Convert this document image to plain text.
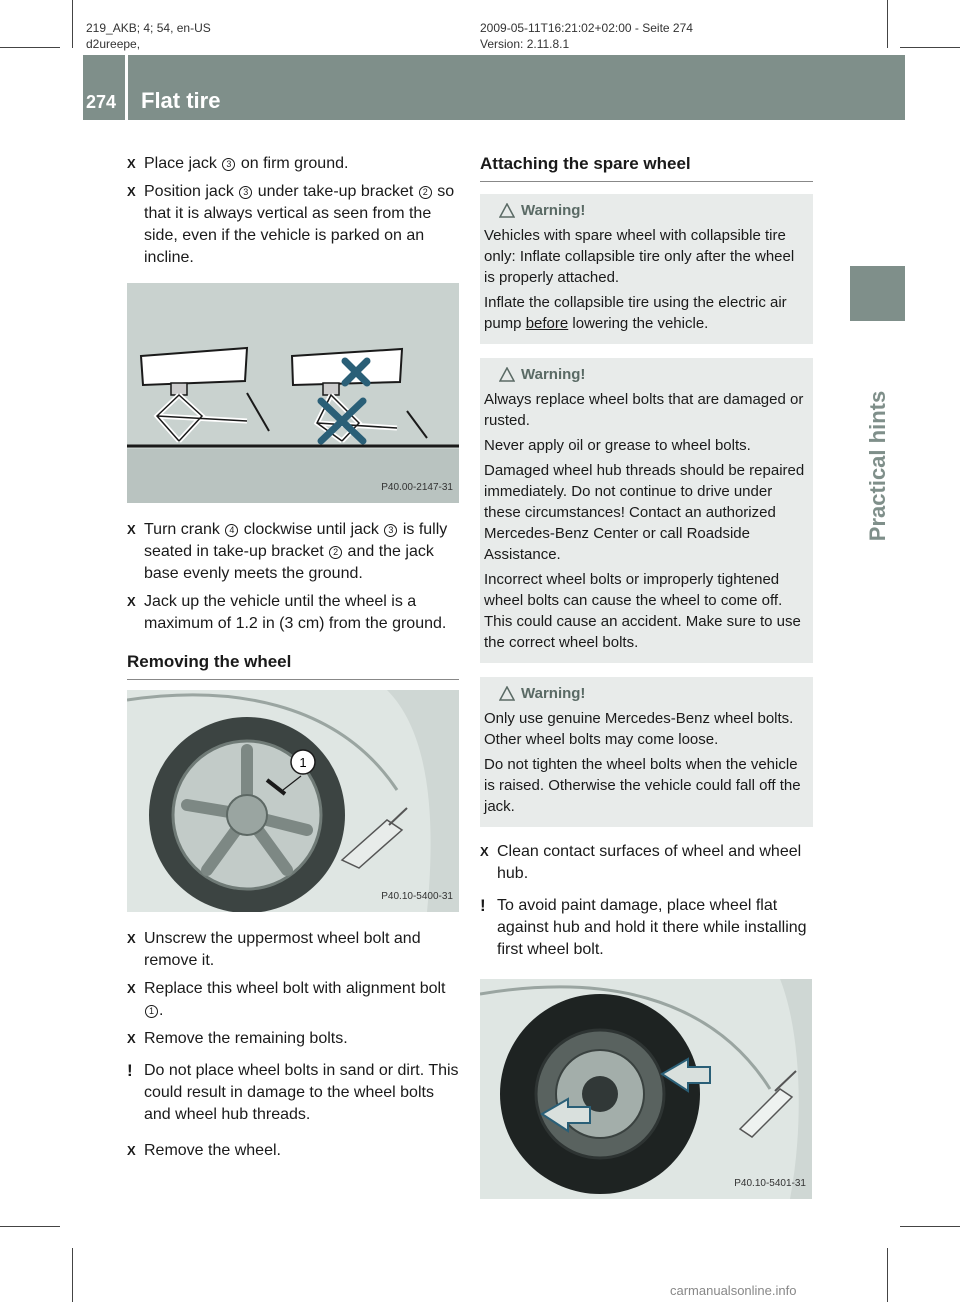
219_AKB; 4; 54, en-US
d2ureepe,
2009-05-11T16:21:02+02:00 - Seite 274
Version: 2.11.8.1
274 Flat tire
Practical hints
X Place jack 3 on firm ground.
X Position jack 3 under take-up bracket 2 so that it is always vertical as seen from the side, even if the vehicle is parked on an incline.
P40.00-2147-31
X Turn crank 4 clockwise until jack 3 is fully seated in take-up bracket 2 and the jack base evenly meets the ground.
X Jack up the vehicle until the wheel is a maximum of 1.2 in (3 cm) from the ground.
Removing the wheel
1
P40.10-5400-31
X Unscrew the uppermost wheel bolt and remove it.
X Replace this wheel bolt with alignment bolt 1 .
X Remove the remaining bolts.
! Do not place wheel bolts in sand or dirt. This could result in damage to the wheel bolts and wheel hub threads.
X Remove the wheel.
Attaching the spare wheel
Warning!

Vehicles with spare wheel with collapsible tire only: Inflate collapsible tire only after the wheel is properly attached.

Inflate the collapsible tire using the electric air pump before lowering the vehicle.

Warning!

Always replace wheel bolts that are damaged or rusted.

Never apply oil or grease to wheel bolts.

Damaged wheel hub threads should be repaired immediately. Do not continue to drive under these circumstances! Contact an authorized Mercedes-Benz Center or call Roadside Assistance.

Incorrect wheel bolts or improperly tightened wheel bolts can cause the wheel to come off. This could cause an accident. Make sure to use the correct wheel bolts.

Warning!

Only use genuine Mercedes-Benz wheel bolts. Other wheel bolts may come loose.

Do not tighten the wheel bolts when the vehicle is raised. Otherwise the vehicle could fall off the jack.

X Clean contact surfaces of wheel and wheel hub.
! To avoid paint damage, place wheel flat against hub and hold it there while installing first wheel bolt.
P40.10-5401-31
carmanualsonline.info
